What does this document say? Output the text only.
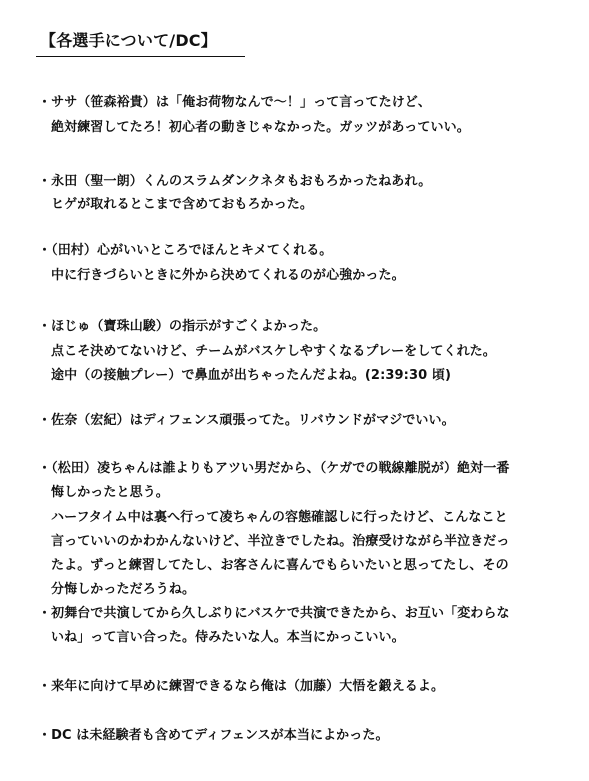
【各選手について/DC】
・ササ（笹森裕貴）は「俺お荷物なんで～！」って言ってたけど、
絶対練習してたろ！初心者の動きじゃなかった。ガッツがあっていい。
・永田（聖一朗）くんのスラムダンクネタもおもろかったねあれ。
ヒゲが取れるとこまで含めておもろかった。
・（田村）心がいいところでほんとキメてくれる。
中に行きづらいときに外から決めてくれるのが心強かった。
・ほじゅ（寶珠山駿）の指示がすごくよかった。
点こそ決めてないけど、チームがバスケしやすくなるプレーをしてくれた。
途中（の接触プレー）で鼻血が出ちゃったんだよね。(2:39:30 頃)
・佐奈（宏紀）はディフェンス頑張ってた。リバウンドがマジでいい。
・（松田）凌ちゃんは誰よりもアツい男だから、（ケガでの戦線離脱が）絶対一番
悔しかったと思う。
ハーフタイム中は裏へ行って凌ちゃんの容態確認しに行ったけど、こんなこと
言っていいのかわかんないけど、半泣きでしたね。治療受けながら半泣きだっ
たよ。ずっと練習してたし、お客さんに喜んでもらいたいと思ってたし、その
分悔しかっただろうね。
・初舞台で共演してから久しぶりにバスケで共演できたから、お互い「変わらな
いね」って言い合った。侍みたいな人。本当にかっこいい。
・来年に向けて早めに練習できるなら俺は（加藤）大悟を鍛えるよ。
・DC は未経験者も含めてディフェンスが本当によかった。
